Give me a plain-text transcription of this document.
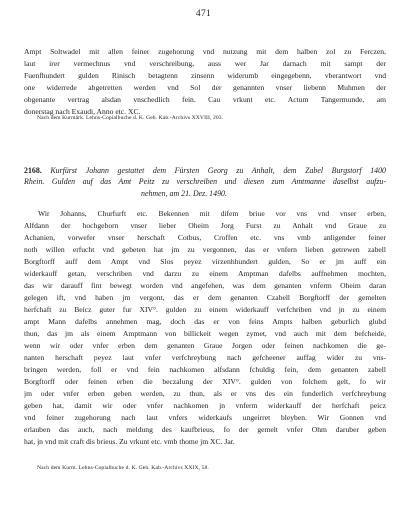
471
Ampt Soltwadel mit allen feiner zugehorung vnd nutzung mit dem halben zol zu Ferczen,
laut irer vermechnus vnd verschreibung, auss wer Jar darnach mit sampt der
Fuenfhundert gulden Rinisch betagtenn zinsenn widerumb eingegebenn, vberantwort vnd
one widerrede abgetretten werden vnd Sol der genannten vnser liebenn Muhmen der
obgenante vertrag alsdan vnschedlich fein. Cau vrkunt etc. Actum Tangermunde, am
donerstag nach Exaudi, Anno etc. XC.
Nach dem Kurmärk. Lehns-Copialbuche d. K. Geh. Kab.-Archivs XXVIII, 203.
2168. Kurfürst Johann gestattet dem Fürsten Georg zu Anhalt, dem Zabel Burgstorf 1400
Rhein. Gulden auf das Amt Peitz zu verschreiben und diesen zum Amtmanne daselbst aufzu-
nehmen, am 21. Dez. 1490.
Wir Johanns, Churfurft etc. Bekennen mit difem briue vor vns vnd vnser erben,
Alfdann der hochgeborn vnser lieber Oheim Jorg Furst zu Anhalt vnd Graue zu
Achanien, vorwefer vnser herschaft Cotbus, Croffen etc. vns vmb anligender feiner
noth willen erfucht vnd gebeten hat jm zu vergonnen, das er vnfern lieben getrewen zabell
Borgftorff auff dem Ampt vnd Slos peyez virzenhhundert gulden, So er jm auff ein
widerkauff getan, verschriben vnd darzu zu einem Amptman dafelbs auffnehmen mochten,
das wir darauff fint bewegt worden vnd angefehen, was dem genanten vnferm Oheim daran
gelegen ift, vnd haben jm vergont, das er dem genanten Czabell Borgftorff der gemelten
herfchaft zu Beicz guter fur XIV°. gulden zu einem widerkauff verfchriben vnd jn zu einem
ampt Mann dafelbs annehmen mag, doch das er von feins Ampts halben geburlich glubd
thun, das jm als einem Amptmann von billickeit wegen zymet, vnd auch mit dem befcheide,
wenn wir oder vnfer erben dem genanten Graue Jorgen oder feinen nachkomen die ge-
nanten herschaft peyez laut vnfer verfchreybung nach gefcheener auffag wider zu vns-
bringen werden, foll er vnd fein nachkomen alfsdann fchuldig fein, dem genanten zabell
Borgftorff oder feinen erben die beczalung der XIV°. gulden von folchem gelt, fo wir
jm oder vnfer erben geben werden, zu thun, als er vns des ein funderlich verfchreybung
geben hat, damit wir oder vnfer nachkomen jn vnferm widerkauff der herfchaft peicz
vnd feiner zugehorung nach laut vnfers widerkaufs ungeirret bleyben. Wir Gonnen vnd
erlauben das auch, nach meldung des kaufbrieus, fo der gemelt vnfer Ohm daruber geben
hat, jn vnd mit craft dis brieus. Zu vrkunt etc. vmb thome jm XC. Jar.
Nach dem Kurm. Lehns-Copialbuche d. K. Geh. Kab.-Archivs XXIX, 58.
